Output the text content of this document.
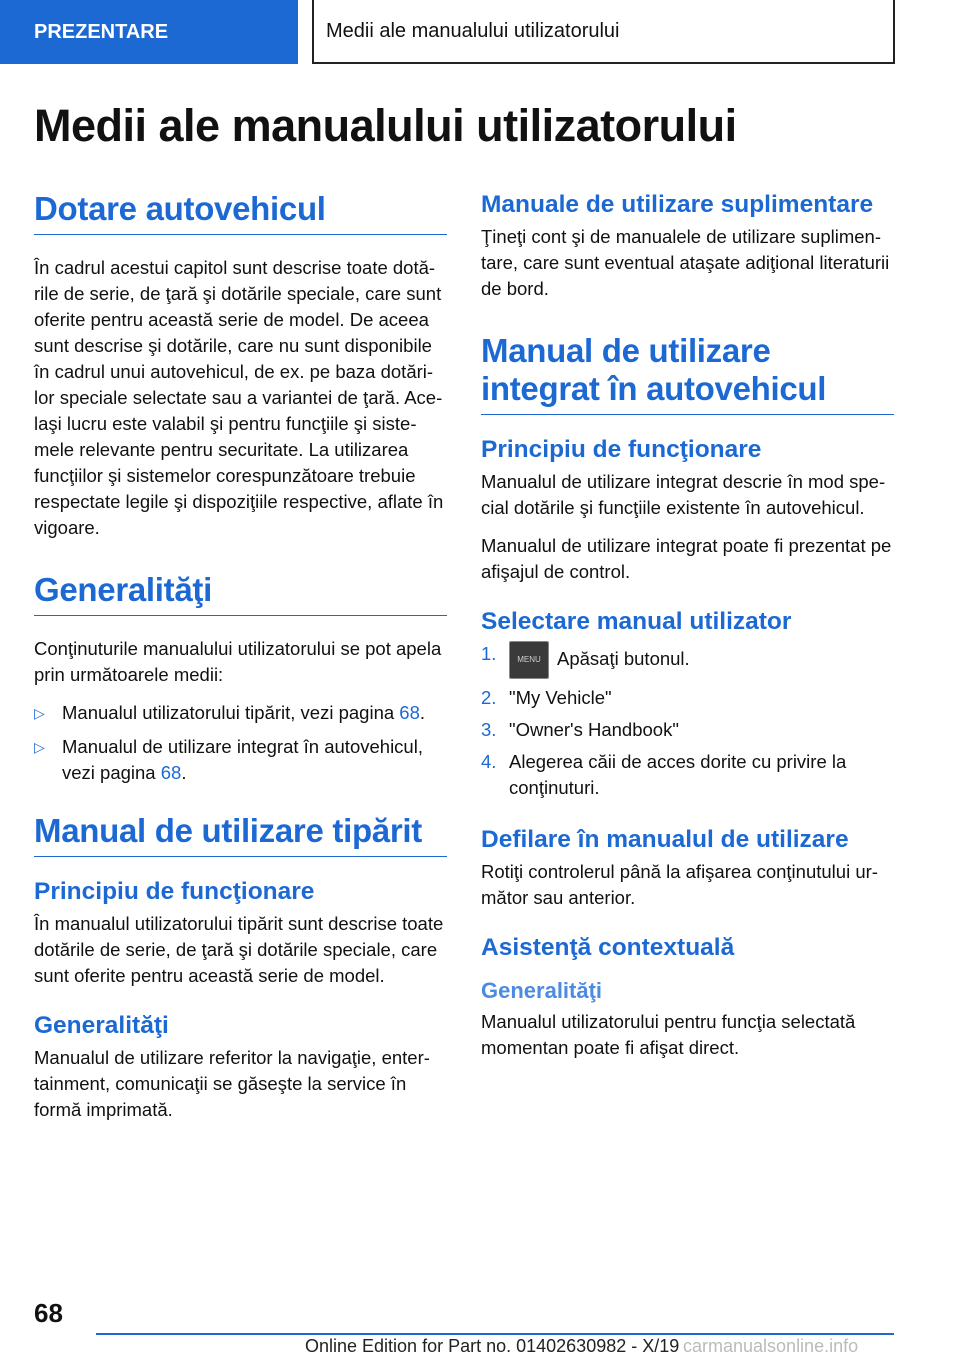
PREZENTARE	Medii ale manualului utilizatorului
Medii ale manualului utilizatorului
Dotare autovehicul

În cadrul acestui capitol sunt descrise toate dotările de serie, de ţară şi dotările speciale, care sunt oferite pentru această serie de model. De aceea sunt descrise şi dotările, care nu sunt disponibile în cadrul unui autovehicul, de ex. pe baza dotărilor speciale selectate sau a variantei de ţară. Acelaşi lucru este valabil şi pentru funcţiile şi sistemele relevante pentru securitate. La utilizarea funcţiilor şi sistemelor corespunzătoare trebuie respectate legile şi dispoziţiile respective, aflate în vigoare.

Generalităţi

Conţinuturile manualului utilizatorului se pot apela prin următoarele medii:

▷ Manualul utilizatorului tipărit, vezi pagina 68.
▷ Manualul de utilizare integrat în autovehicul, vezi pagina 68.
Manual de utilizare tipărit
Principiu de funcţionare

În manualul utilizatorului tipărit sunt descrise toate dotările de serie, de ţară şi dotările speciale, care sunt oferite pentru această serie de model.

Generalităţi

Manualul de utilizare referitor la navigaţie, entertainment, comunicaţii se găseşte la service în formă imprimată.

Manuale de utilizare suplimentare

Ţineţi cont şi de manualele de utilizare suplimentare, care sunt eventual ataşate adiţional literaturii de bord.

Manual de utilizare integrat în autovehicul
Principiu de funcţionare

Manualul de utilizare integrat descrie în mod special dotările şi funcţiile existente în autovehicul.

Manualul de utilizare integrat poate fi prezentat pe afişajul de control.

Selectare manual utilizator
1.	MENU Apăsaţi butonul.
2. "My Vehicle"
3. "Owner's Handbook"
4. Alegerea căii de acces dorite cu privire la conţinuturi.
Defilare în manualul de utilizare

Rotiţi controlerul până la afişarea conţinutului următor sau anterior.

Asistenţă contextuală
Generalităţi

Manualul utilizatorului pentru funcţia selectată momentan poate fi afişat direct.

68
Online Edition for Part no. 01402630982 - X/19 carmanualsonline.info
